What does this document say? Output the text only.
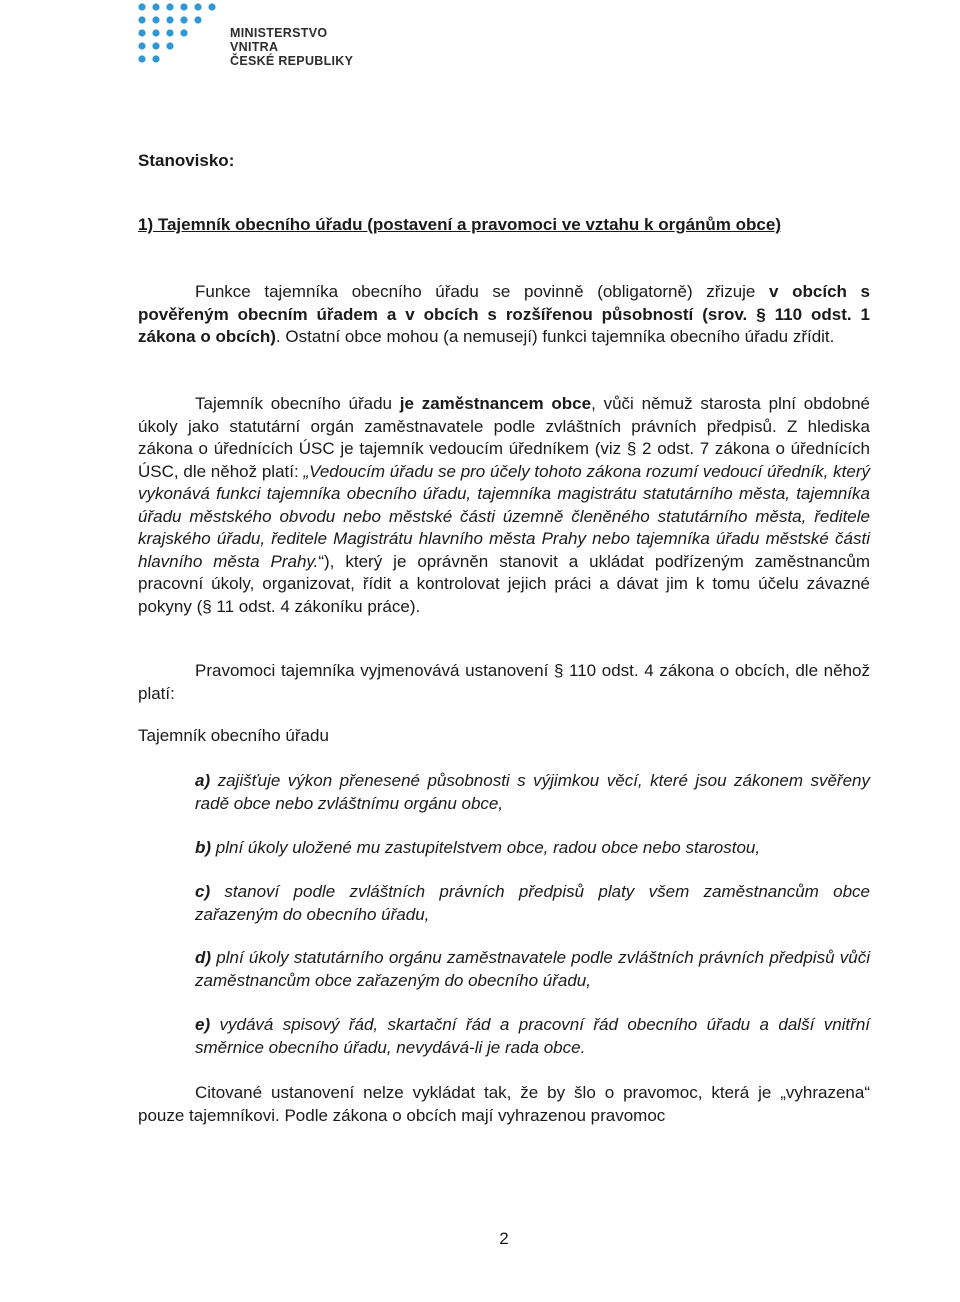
MINISTERSTVO VNITRA
ČESKÉ REPUBLIKY

Stanovisko:

1) Tajemník obecního úřadu (postavení a pravomoci ve vztahu k orgánům obce)

Funkce tajemníka obecního úřadu se povinně (obligatorně) zřizuje v obcích s pověřeným obecním úřadem a v obcích s rozšířenou působností (srov. § 110 odst. 1 zákona o obcích). Ostatní obce mohou (a nemusejí) funkci tajemníka obecního úřadu zřídit.

Tajemník obecního úřadu je zaměstnancem obce, vůči němuž starosta plní obdobné úkoly jako statutární orgán zaměstnavatele podle zvláštních právních předpisů. Z hlediska zákona o úřednících ÚSC je tajemník vedoucím úředníkem (viz § 2 odst. 7 zákona o úřednících ÚSC, dle něhož platí: „Vedoucím úřadu se pro účely tohoto zákona rozumí vedoucí úředník, který vykonává funkci tajemníka obecního úřadu, tajemníka magistrátu statutárního města, tajemníka úřadu městského obvodu nebo městské části územně členěného statutárního města, ředitele krajského úřadu, ředitele Magistrátu hlavního města Prahy nebo tajemníka úřadu městské části hlavního města Prahy.“), který je oprávněn stanovit a ukládat podřízeným zaměstnancům pracovní úkoly, organizovat, řídit a kontrolovat jejich práci a dávat jim k tomu účelu závazné pokyny (§ 11 odst. 4 zákoníku práce).

Pravomoci tajemníka vyjmenovává ustanovení § 110 odst. 4 zákona o obcích, dle něhož platí:

Tajemník obecního úřadu

a) zajišťuje výkon přenesené působnosti s výjimkou věcí, které jsou zákonem svěřeny radě obce nebo zvláštnímu orgánu obce,

b) plní úkoly uložené mu zastupitelstvem obce, radou obce nebo starostou,

c) stanoví podle zvláštních právních předpisů platy všem zaměstnancům obce zařazeným do obecního úřadu,

d) plní úkoly statutárního orgánu zaměstnavatele podle zvláštních právních předpisů vůči zaměstnancům obce zařazeným do obecního úřadu,

e) vydává spisový řád, skartační řád a pracovní řád obecního úřadu a další vnitřní směrnice obecního úřadu, nevydává-li je rada obce.

Citované ustanovení nelze vykládat tak, že by šlo o pravomoc, která je „vyhrazena“ pouze tajemníkovi. Podle zákona o obcích mají vyhrazenou pravomoc

2
